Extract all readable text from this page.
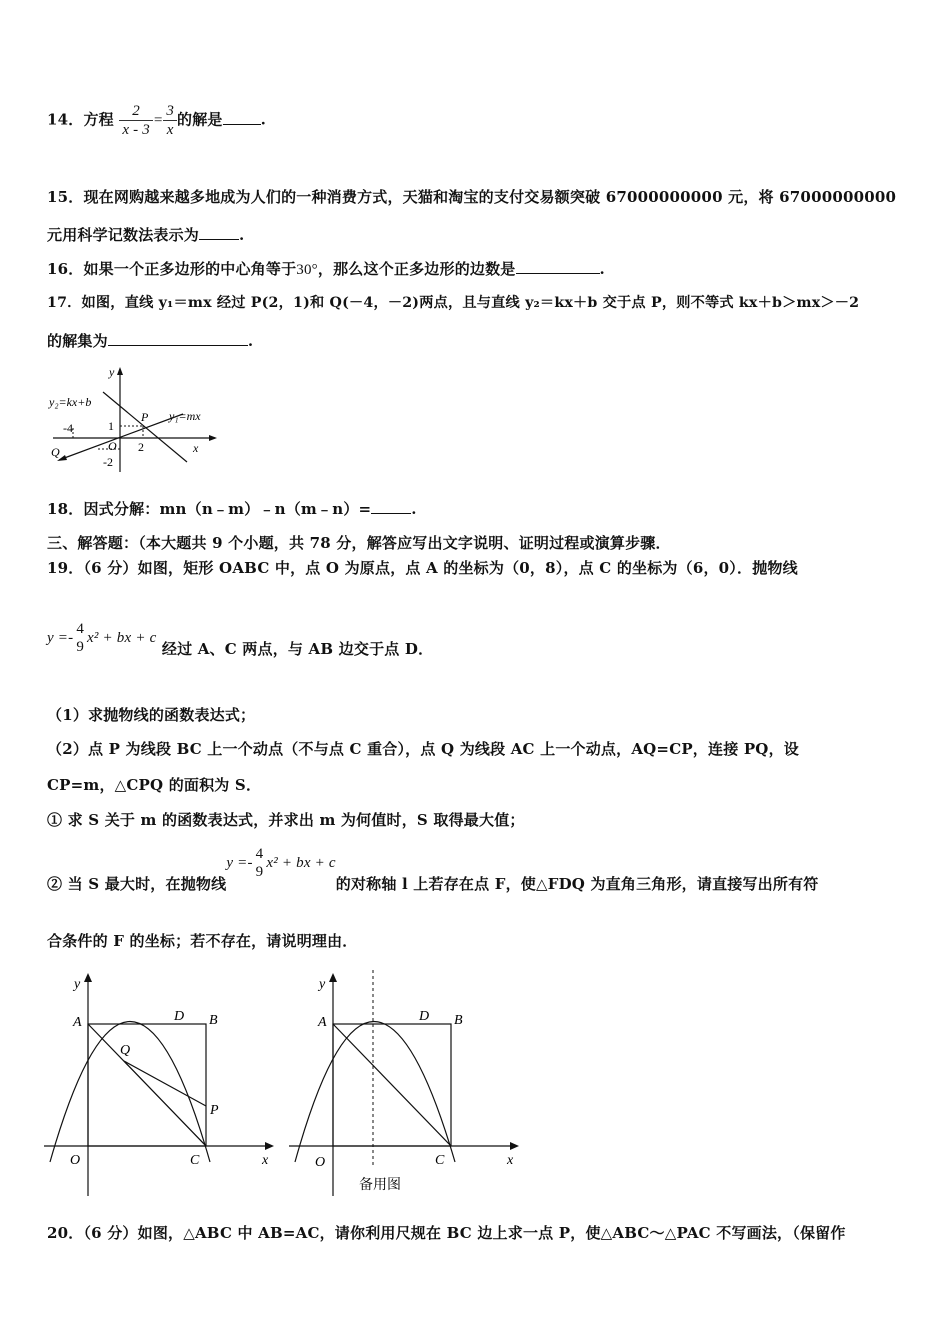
14．方程 $\frac{2}{x - 3} = \frac{3}{x}$ 的解是	.
15．现在网购越来越多地成为人们的一种消费方式，天猫和淘宝的支付交易额突破 67000000000 元，将 67000000000
元用科学记数法表示为	.
16．如果一个正多边形的中心角等于30°，那么这个正多边形的边数是	.
17．如图，直线 y₁＝mx 经过 P(2，1)和 Q(－4，－2)两点，且与直线 y₂＝kx＋b 交于点 P，则不等式 kx＋b＞mx＞－2
的解集为	.
y
x
y₂=kx+b
y₁=mx
P
Q	O
-4	1
2
-2
18．因式分解：mn（n﹣m）﹣n（m﹣n）=	.
三、解答题：（本大题共 9 个小题，共 78 分，解答应写出文字说明、证明过程或演算步骤．
19．（6 分）如图，矩形 OABC 中，点 O 为原点，点 A 的坐标为（0，8），点 C 的坐标为（6，0）．抛物线
y =-
4
9
x² + bx + c 经过 A、C 两点，与 AB 边交于点 D．
（1）求抛物线的函数表达式；
（2）点 P 为线段 BC 上一个动点（不与点 C 重合），点 Q 为线段 AC 上一个动点，AQ=CP，连接 PQ，设
CP=m，△CPQ 的面积为 S．
① 求 S 关于 m 的函数表达式，并求出 m 为何值时，S 取得最大值；
② 当 S 最大时，在抛物线y =-
4
9
x² + bx + c的对称轴 l 上若存在点 F，使△FDQ 为直角三角形，请直接写出所有符
合条件的 F 的坐标；若不存在，请说明理由．
y
x
A	B
C
D
O
P
Q
y
x
A	B
C
D
O
备用图
20．（6 分）如图，△ABC 中 AB=AC，请你利用尺规在 BC 边上求一点 P，使△ABC～△PAC 不写画法，（保留作
